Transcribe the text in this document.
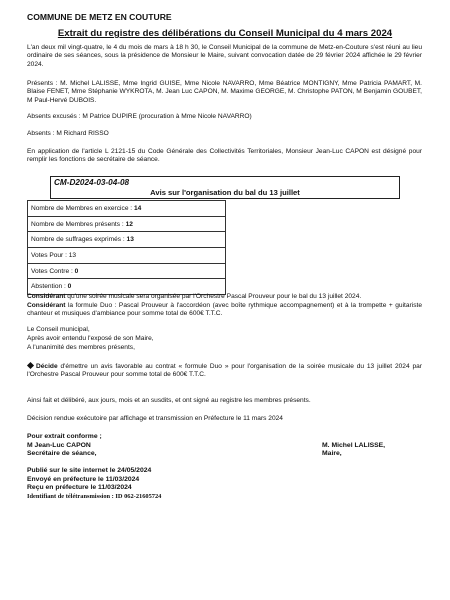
COMMUNE DE METZ EN COUTURE
Extrait du registre des délibérations du Conseil Municipal du 4 mars 2024

L'an deux mil vingt-quatre, le 4 du mois de mars à 18 h 30, le Conseil Municipal de la commune de Metz-en-Couture s'est réuni au lieu ordinaire de ses séances, sous la présidence de Monsieur le Maire, suivant convocation datée de 29 février 2024 affichée le 29 février 2024.

Présents : M. Michel LALISSE, Mme Ingrid GUISE, Mme Nicole NAVARRO, Mme Béatrice MONTIGNY, Mme Patricia PAMART, M. Blaise FENET, Mme Stéphanie WYKROTA, M. Jean Luc CAPON, M. Maxime GEORGE, M. Christophe PATON, M Benjamin GOUBET, M Paul-Hervé DUBOIS.

Absents excusés : M Patrice DUPIRE (procuration à Mme Nicole NAVARRO)

Absents : M Richard RISSO

En application de l'article L 2121-15 du Code Générale des Collectivités Territoriales, Monsieur Jean-Luc CAPON est désigné pour remplir les fonctions de secrétaire de séance.

CM-D2024-03-04-08
Avis sur l'organisation du bal du 13 juillet
Nombre de Membres en exercice : 14
Nombre de Membres présents : 12
Nombre de suffrages exprimés : 13
Votes Pour : 13
Votes Contre : 0
Abstention : 0

Considérant qu'une soirée musicale sera organisée par l'Orchestre Pascal Prouveur pour le bal du 13 juillet 2024.

Considérant la formule Duo : Pascal Prouveur à l'accordéon (avec boîte rythmique accompagnement) et à la trompette + guitariste chanteur et musiques d'ambiance pour somme total de 600€ T.T.C.

Le Conseil municipal,

Après avoir entendu l'exposé de son Maire,

A l'unanimité des membres présents,

Décide d'émettre un avis favorable au contrat « formule Duo » pour l'organisation de la soirée musicale du 13 juillet 2024 par l'Orchestre Pascal Prouveur pour somme total de 600€ T.T.C.

Ainsi fait et délibéré, aux jours, mois et an susdits, et ont signé au registre les membres présents.

Décision rendue exécutoire par affichage et transmission en Préfecture le 11 mars 2024

Pour extrait conforme ;
M Jean-Luc CAPON
Secrétaire de séance,
M. Michel LALISSE,
Maire,
Publié sur le site internet le 24/05/2024
Envoyé en préfecture le 11/03/2024
Reçu en préfecture le 11/03/2024
Identifiant de télétransmission : ID 062-21605724
